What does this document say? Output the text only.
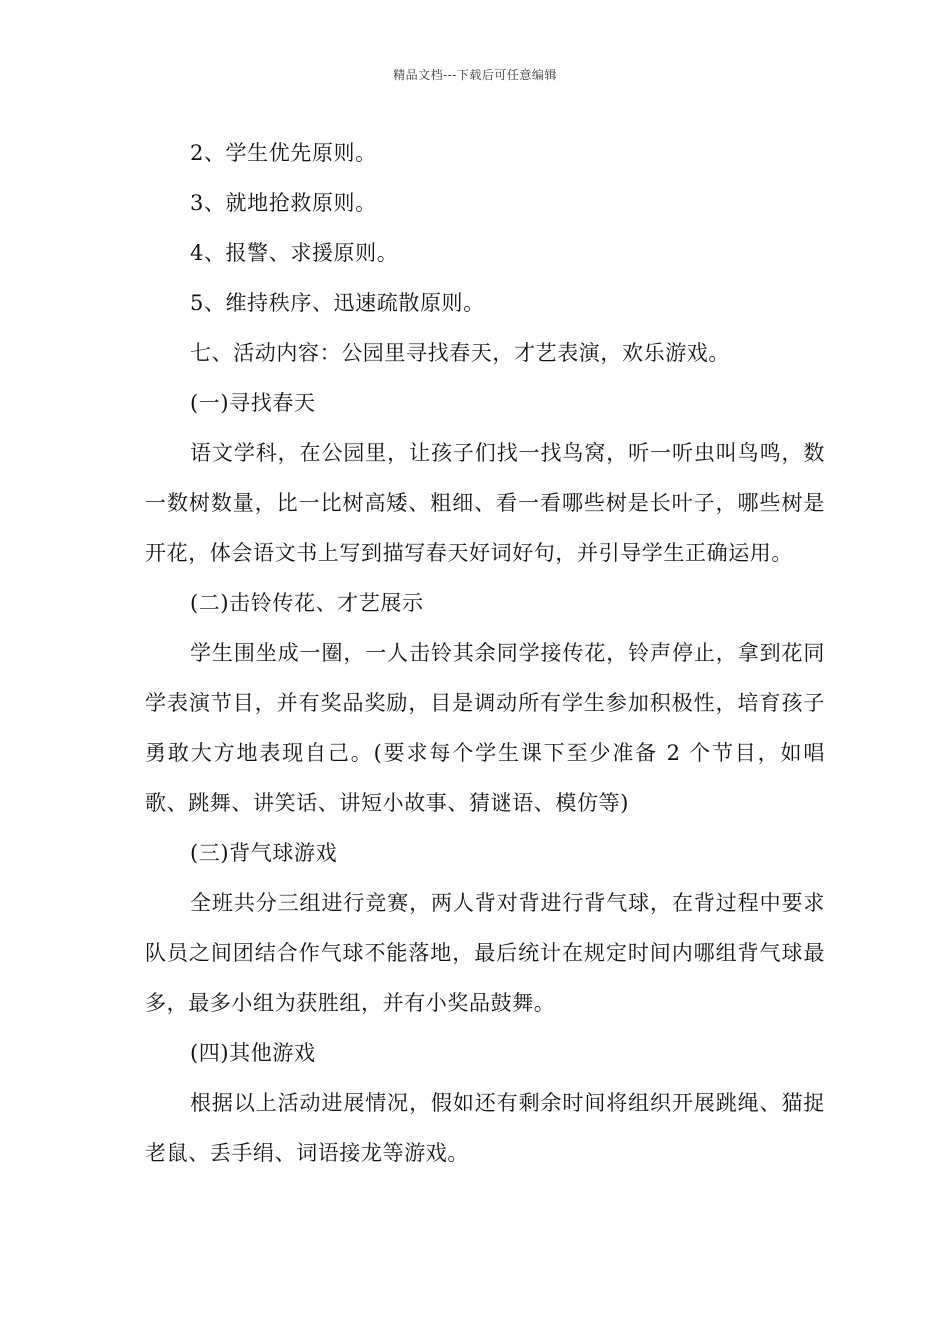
精品文档---下载后可任意编辑

2、学生优先原则。

3、就地抢救原则。

4、报警、求援原则。

5、维持秩序、迅速疏散原则。

七、活动内容：公园里寻找春天，才艺表演，欢乐游戏。

(一)寻找春天

语文学科，在公园里，让孩子们找一找鸟窝，听一听虫叫鸟鸣，数一数树数量，比一比树高矮、粗细、看一看哪些树是长叶子，哪些树是开花，体会语文书上写到描写春天好词好句，并引导学生正确运用。

(二)击铃传花、才艺展示

学生围坐成一圈，一人击铃其余同学接传花，铃声停止，拿到花同学表演节目，并有奖品奖励，目是调动所有学生参加积极性，培育孩子勇敢大方地表现自己。(要求每个学生课下至少准备 2 个节目，如唱歌、跳舞、讲笑话、讲短小故事、猜谜语、模仿等)

(三)背气球游戏

全班共分三组进行竞赛，两人背对背进行背气球，在背过程中要求队员之间团结合作气球不能落地，最后统计在规定时间内哪组背气球最多，最多小组为获胜组，并有小奖品鼓舞。

(四)其他游戏

根据以上活动进展情况，假如还有剩余时间将组织开展跳绳、猫捉老鼠、丢手绢、词语接龙等游戏。
